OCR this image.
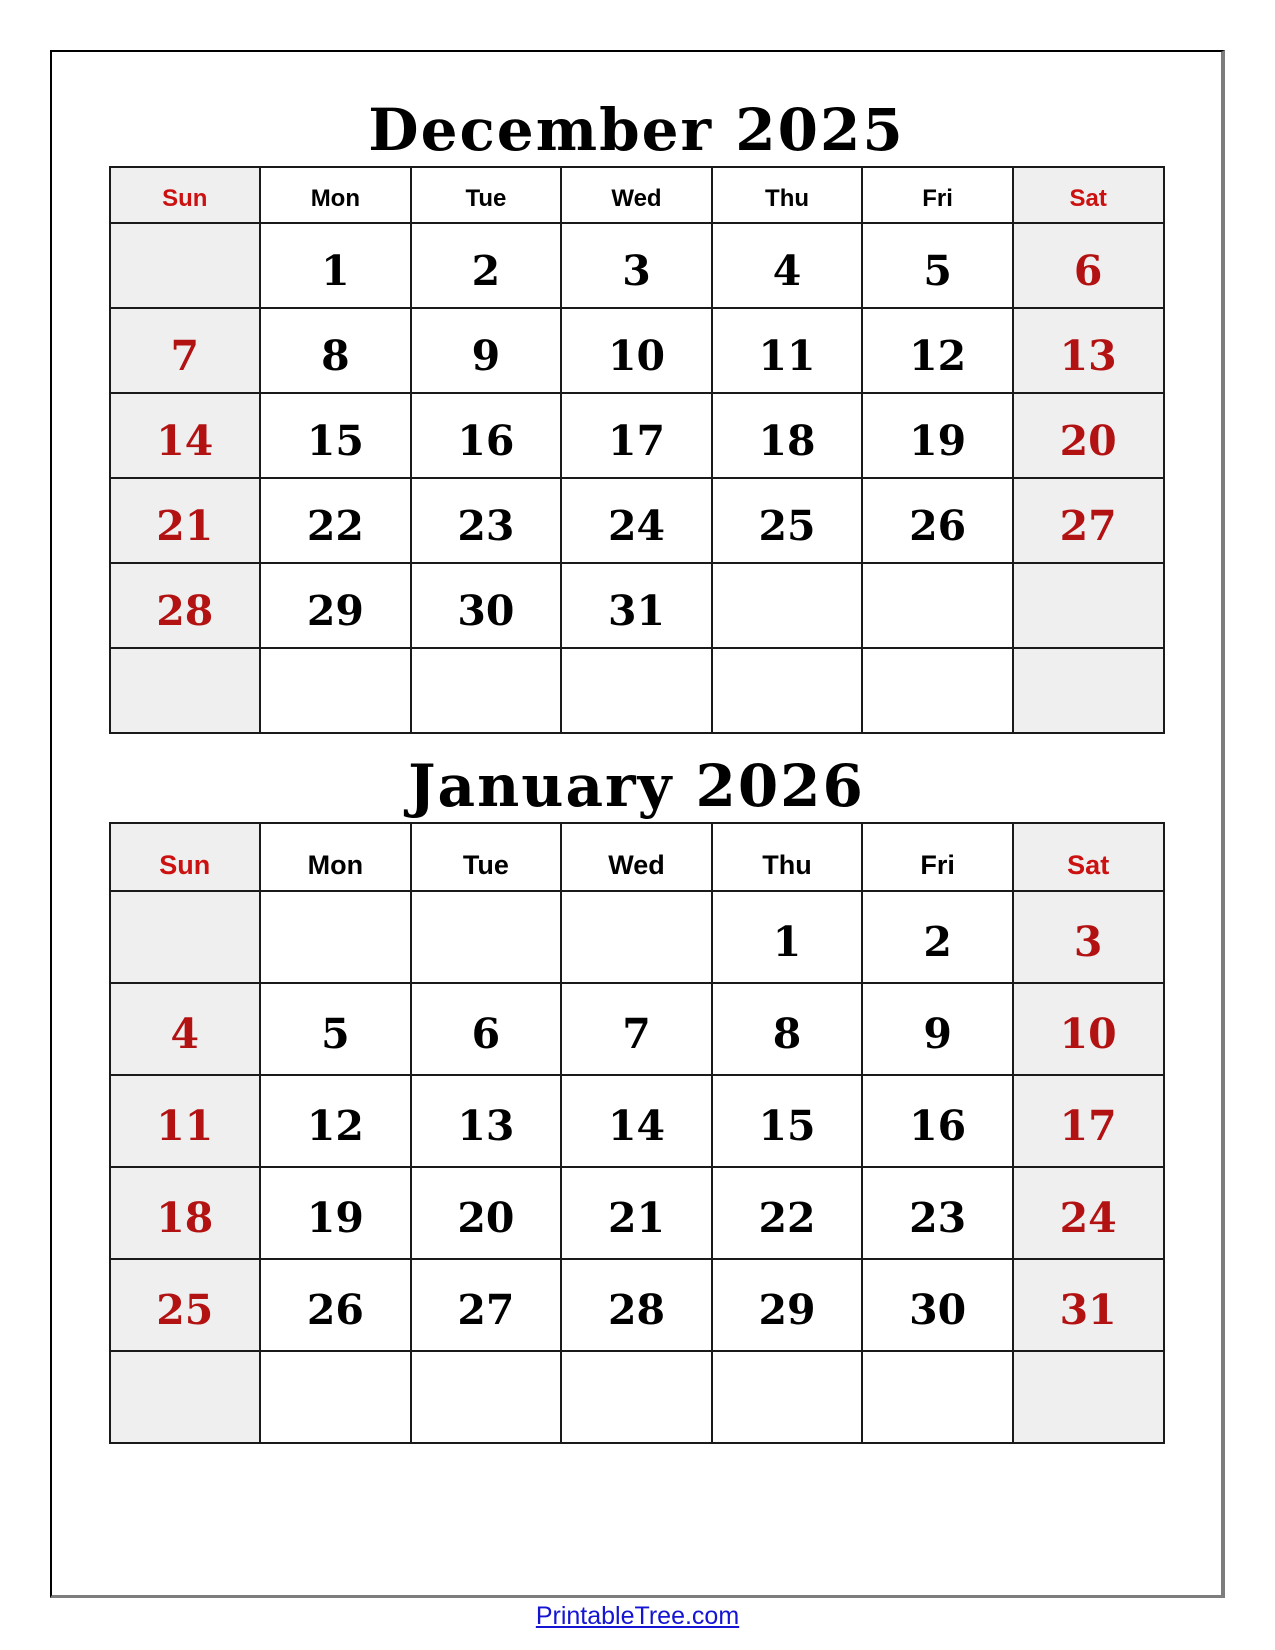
December 2025
Sun	Mon	Tue	Wed	Thu	Fri	Sat
	1	2	3	4	5	6
7	8	9	10	11	12	13
14	15	16	17	18	19	20
21	22	23	24	25	26	27
28	29	30	31			

January 2026
Sun	Mon	Tue	Wed	Thu	Fri	Sat
				1	2	3
4	5	6	7	8	9	10
11	12	13	14	15	16	17
18	19	20	21	22	23	24
25	26	27	28	29	30	31

PrintableTree.com
